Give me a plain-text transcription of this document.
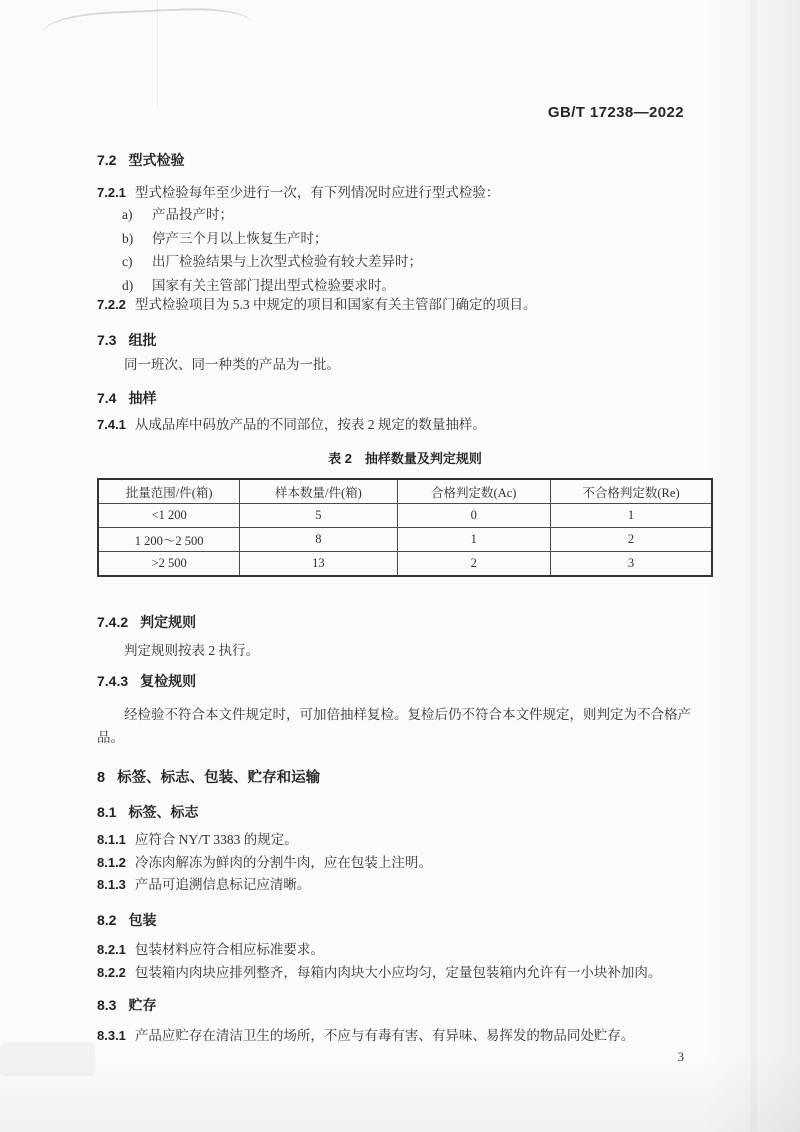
GB/T 17238—2022
7.2 型式检验
7.2.1 型式检验每年至少进行一次，有下列情况时应进行型式检验：
a) 产品投产时；
b) 停产三个月以上恢复生产时；
c) 出厂检验结果与上次型式检验有较大差异时；
d) 国家有关主管部门提出型式检验要求时。
7.2.2 型式检验项目为 5.3 中规定的项目和国家有关主管部门确定的项目。
7.3 组批
同一班次、同一种类的产品为一批。
7.4 抽样
7.4.1 从成品库中码放产品的不同部位，按表 2 规定的数量抽样。
表 2　抽样数量及判定规则
批量范围/件(箱)	样本数量/件(箱)	合格判定数(Ac)	不合格判定数(Re)
<1 200	5	0	1
1 200～2 500	8	1	2
>2 500	13	2	3
7.4.2 判定规则
判定规则按表 2 执行。
7.4.3 复检规则
经检验不符合本文件规定时，可加倍抽样复检。复检后仍不符合本文件规定，则判定为不合格产品。
8 标签、标志、包装、贮存和运输
8.1 标签、标志
8.1.1 应符合 NY/T 3383 的规定。
8.1.2 冷冻肉解冻为鲜肉的分割牛肉，应在包装上注明。
8.1.3 产品可追溯信息标记应清晰。
8.2 包装
8.2.1 包装材料应符合相应标准要求。
8.2.2 包装箱内肉块应排列整齐，每箱内肉块大小应均匀，定量包装箱内允许有一小块补加肉。
8.3 贮存
8.3.1 产品应贮存在清洁卫生的场所，不应与有毒有害、有异味、易挥发的物品同处贮存。
3
